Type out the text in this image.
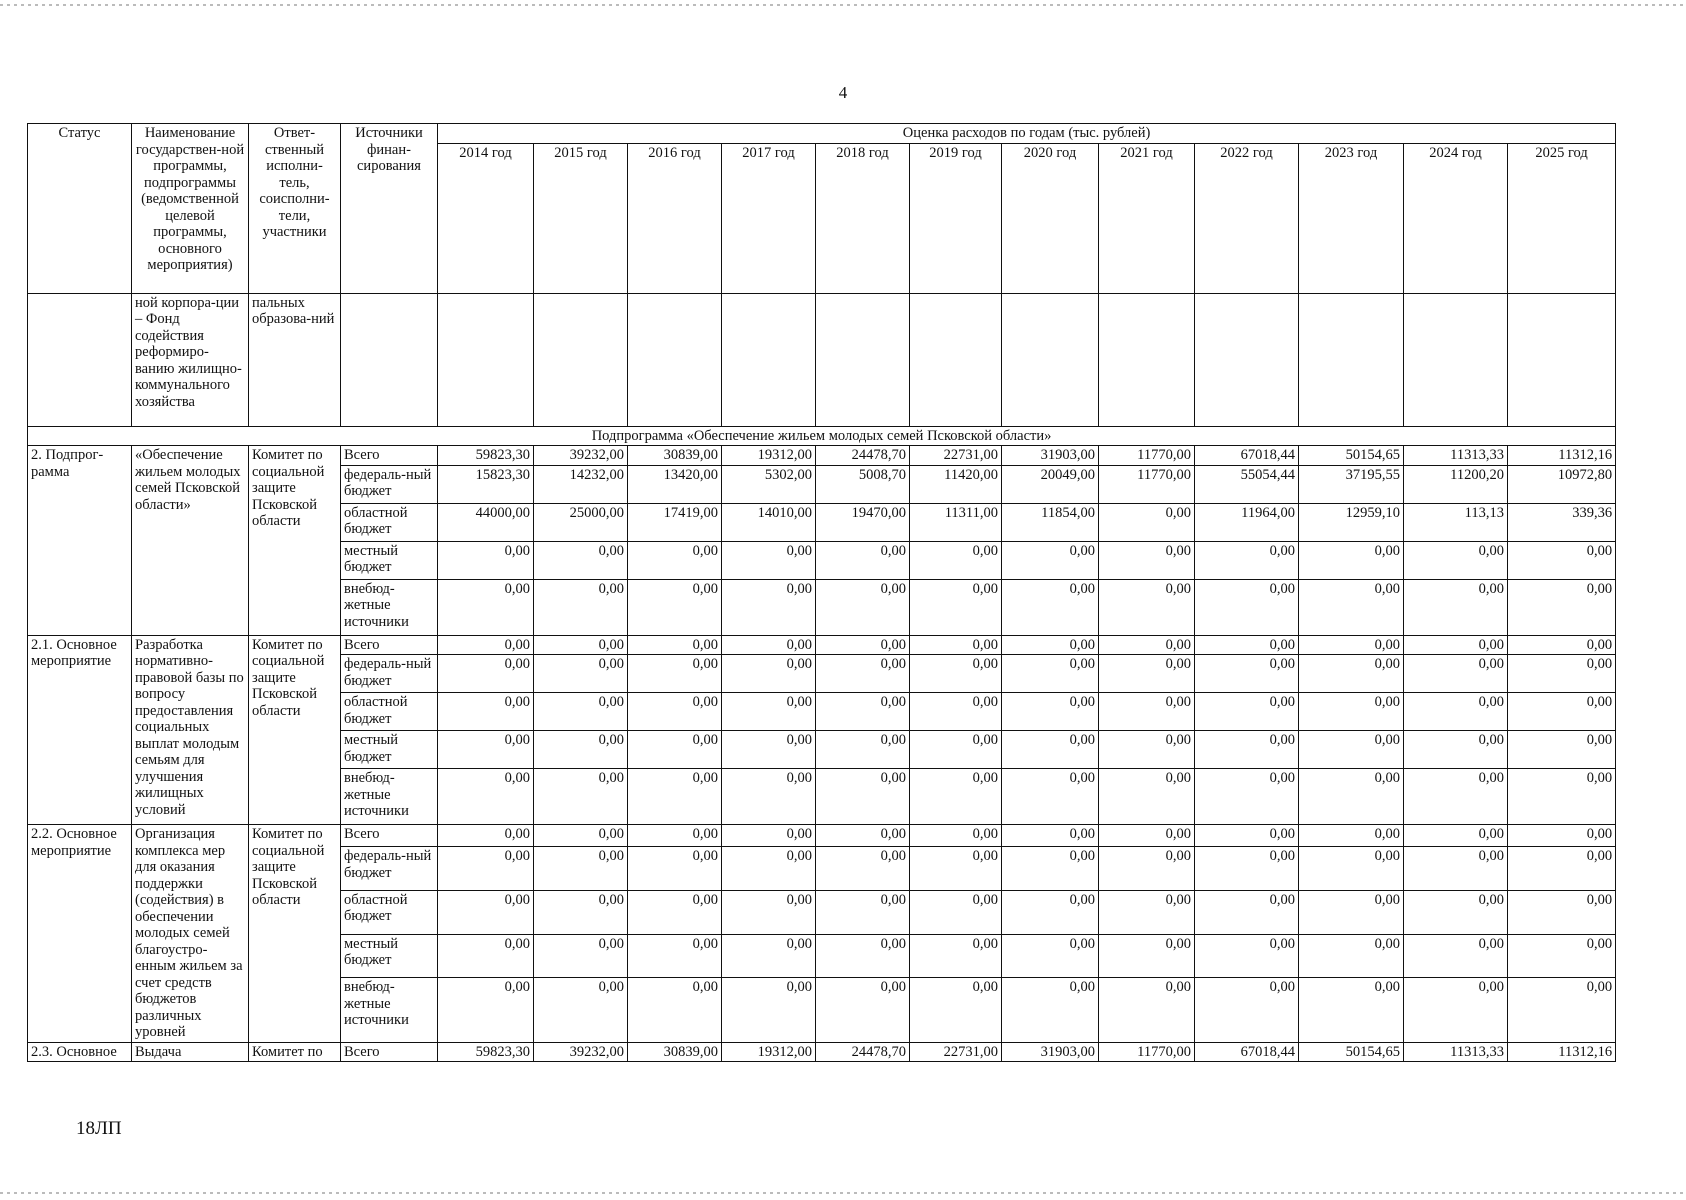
4
Статус	Наименование государствен-ной программы, подпрограммы (ведомственной целевой программы, основного мероприятия)	Ответ-ственный исполни-тель, соисполни-тели, участники	Источники финан-сирования	Оценка расходов по годам (тыс. рублей)											
				2014 год	2015 год	2016 год	2017 год	2018 год	2019 год	2020 год	2021 год	2022 год	2023 год	2024 год	2025 год
	ной корпора-ции – Фонд содействия реформиро-ванию жилищно-коммунального хозяйства	пальных образова-ний													
Подпрограмма «Обеспечение жильем молодых семей Псковской области»															
2. Подпрог-рамма	«Обеспечение жильем молодых семей Псковской области»	Комитет по социальной защите Псковской области	Всего	59823,30	39232,00	30839,00	19312,00	24478,70	22731,00	31903,00	11770,00	67018,44	50154,65	11313,33	11312,16
			федераль-ный бюджет	15823,30	14232,00	13420,00	5302,00	5008,70	11420,00	20049,00	11770,00	55054,44	37195,55	11200,20	10972,80
			областной бюджет	44000,00	25000,00	17419,00	14010,00	19470,00	11311,00	11854,00	0,00	11964,00	12959,10	113,13	339,36
			местный бюджет	0,00	0,00	0,00	0,00	0,00	0,00	0,00	0,00	0,00	0,00	0,00	0,00
			внебюд-жетные источники	0,00	0,00	0,00	0,00	0,00	0,00	0,00	0,00	0,00	0,00	0,00	0,00
2.1. Основное мероприятие	Разработка нормативно-правовой базы по вопросу предоставления социальных выплат молодым семьям для улучшения жилищных условий	Комитет по социальной защите Псковской области	Всего	0,00	0,00	0,00	0,00	0,00	0,00	0,00	0,00	0,00	0,00	0,00	0,00
			федераль-ный бюджет	0,00	0,00	0,00	0,00	0,00	0,00	0,00	0,00	0,00	0,00	0,00	0,00
			областной бюджет	0,00	0,00	0,00	0,00	0,00	0,00	0,00	0,00	0,00	0,00	0,00	0,00
			местный бюджет	0,00	0,00	0,00	0,00	0,00	0,00	0,00	0,00	0,00	0,00	0,00	0,00
			внебюд-жетные источники	0,00	0,00	0,00	0,00	0,00	0,00	0,00	0,00	0,00	0,00	0,00	0,00
2.2. Основное мероприятие	Организация комплекса мер для оказания поддержки (содействия) в обеспечении молодых семей благоустро-енным жильем за счет средств бюджетов различных уровней	Комитет по социальной защите Псковской области	Всего	0,00	0,00	0,00	0,00	0,00	0,00	0,00	0,00	0,00	0,00	0,00	0,00
			федераль-ный бюджет	0,00	0,00	0,00	0,00	0,00	0,00	0,00	0,00	0,00	0,00	0,00	0,00
			областной бюджет	0,00	0,00	0,00	0,00	0,00	0,00	0,00	0,00	0,00	0,00	0,00	0,00
			местный бюджет	0,00	0,00	0,00	0,00	0,00	0,00	0,00	0,00	0,00	0,00	0,00	0,00
			внебюд-жетные источники	0,00	0,00	0,00	0,00	0,00	0,00	0,00	0,00	0,00	0,00	0,00	0,00
2.3. Основное	Выдача	Комитет по	Всего	59823,30	39232,00	30839,00	19312,00	24478,70	22731,00	31903,00	11770,00	67018,44	50154,65	11313,33	11312,16
18ЛП
